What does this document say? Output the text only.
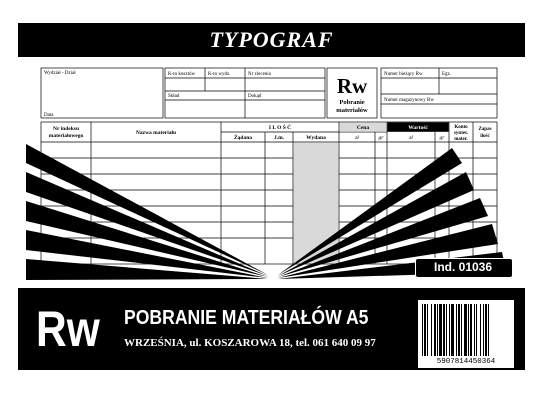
TYPOGRAF
Wydział - Dział
Data
K-to kosztów	K-to wydz.	Nr zlecenia
Skład	Dokąd	Rw
Pobranie
materiałów
Numer bieżący Rw	Egz.
Numer magazynowy Rw
Nr indeksu
materiałowego	Nazwa materiału
I L O Ś Ć
Żądana	J.m.	Wydana
Cena
zł	gr
Wartość
zł	gr
Konto
syntet.
mater.
Zapas
ilość
Ind. 01036
Rw POBRANIE MATERIAŁÓW A5
WRZEŚNIA, ul. KOSZAROWA 18, tel. 061 640 09 97
5907814450364
